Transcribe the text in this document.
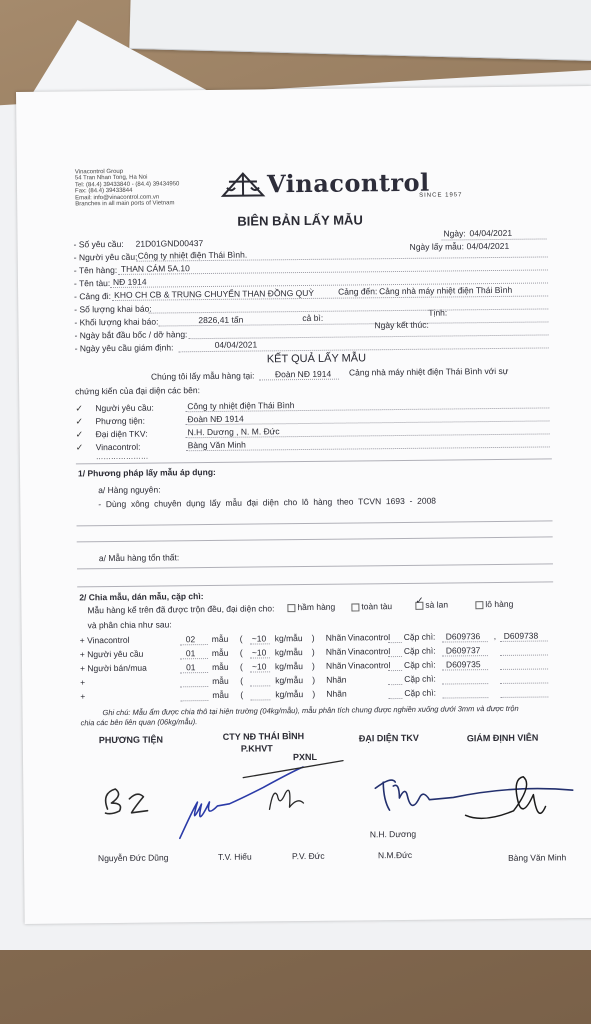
Vinacontrol Group
54 Tran Nhan Tong, Ha Noi
Tel: (84.4) 39433840 - (84.4) 39434950
Fax: (84.4) 39433844
Email: info@vinacontrol.com.vn
Branches in all main ports of Vietnam
Vinacontrol
SINCE 1957
BIÊN BẢN LẤY MẪU
- Số yêu cầu: 21D01GND00437
Ngày: 04/04/2021
- Người yêu cầu: Công ty nhiệt điện Thái Bình.
Ngày lấy mẫu: 04/04/2021
- Tên hàng: THAN CÁM 5A.10
- Tên tàu: NĐ 1914
- Cảng đi: KHO CH CB & TRUNG CHUYỂN THAN ĐỒNG QUỲ	Cảng đến: Cảng nhà máy nhiệt điện Thái Bình
- Số lượng khai báo:	Tịnh:
- Khối lượng khai báo:	2826,41 tấn	cả bì:
- Ngày bắt đầu bốc / dỡ hàng:
Ngày kết thúc:
- Ngày yêu cầu giám định:	04/04/2021
KẾT QUẢ LẤY MẪU
Chúng tôi lấy mẫu hàng tại: Đoàn NĐ 1914 Cảng nhà máy nhiệt điện Thái Bình với sự
chứng kiến của đại diện các bên:
✓ Người yêu cầu:	Công ty nhiệt điện Thái Bình
✓ Phương tiện:	Đoàn NĐ 1914
✓ Đại diện TKV:	N.H. Dương , N. M. Đức
✓ Vinacontrol:	Bàng Văn Minh
…………………
1/ Phương pháp lấy mẫu áp dụng:
a/ Hàng nguyên:
-  Dùng  xông  chuyên  dụng  lấy  mẫu  đại  diện  cho  lô  hàng  theo  TCVN  1693  -  2008
a/ Mẫu hàng tổn thất:
2/ Chia mẫu, dán mẫu, cặp chì:
Mẫu hàng kể trên đã được trộn đều, đại diện cho:	hầm hàng	toàn tàu ✓ sà lan	lô hàng
và phân chia như sau:
+ Vinacontrol	02 mẫu ( ~10 kg/mẫu ) Nhãn Vinacontrol Cặp chì: D609736 , D609738
+ Người yêu cầu	01 mẫu ( ~10 kg/mẫu ) Nhãn Vinacontrol Cặp chì: D609737
+ Người bán/mua	01 mẫu ( ~10 kg/mẫu ) Nhãn Vinacontrol Cặp chì: D609735
+	mẫu (	kg/mẫu ) Nhãn	Cặp chì:
+	mẫu (	kg/mẫu ) Nhãn	Cặp chì:
Ghi chú: Mẫu ẩm được chia thô tại hiện trường (04kg/mẫu), mẫu phân tích chung được nghiền xuống dưới 3mm và được trộn
chia các bên liên quan (06kg/mẫu).
PHƯƠNG TIỆN	CTY NĐ THÁI BÌNH
P.KHVT
PXNL
ĐẠI DIỆN TKV	GIÁM ĐỊNH VIÊN
N.H. Dương
Nguyễn Đức Dũng	T.V. Hiếu	P.V. Đức	N.M.Đức	Bàng Văn Minh
